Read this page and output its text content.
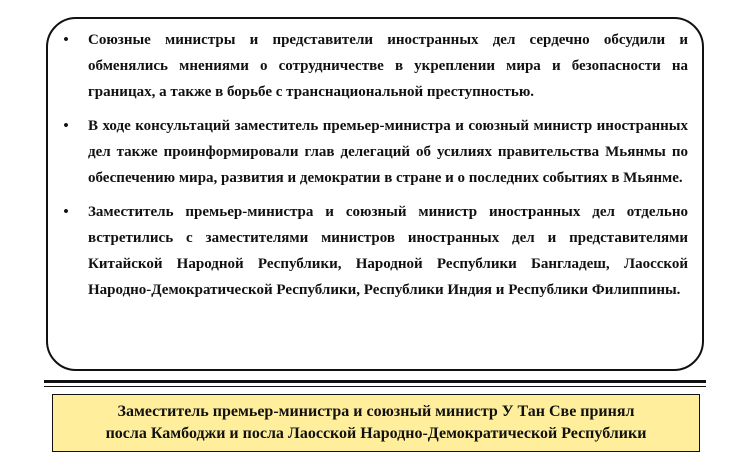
• Союзные министры и представители иностранных дел сердечно обсудили и обменялись мнениями о сотрудничестве в укреплении мира и безопасности на границах, а также в борьбе с транснациональной преступностью.
• В ходе консультаций заместитель премьер-министра и союзный министр иностранных дел также проинформировали глав делегаций об усилиях правительства Мьянмы по обеспечению мира, развития и демократии в стране и о последних событиях в Мьянме.
• Заместитель премьер-министра и союзный министр иностранных дел отдельно встретились с заместителями министров иностранных дел и представителями Китайской Народной Республики, Народной Республики Бангладеш, Лаосской Народно-Демократической Республики, Республики Индия и Республики Филиппины.
Заместитель премьер-министра и союзный министр У Тан Све принял
посла Камбоджи и посла Лаосской Народно-Демократической Республики
